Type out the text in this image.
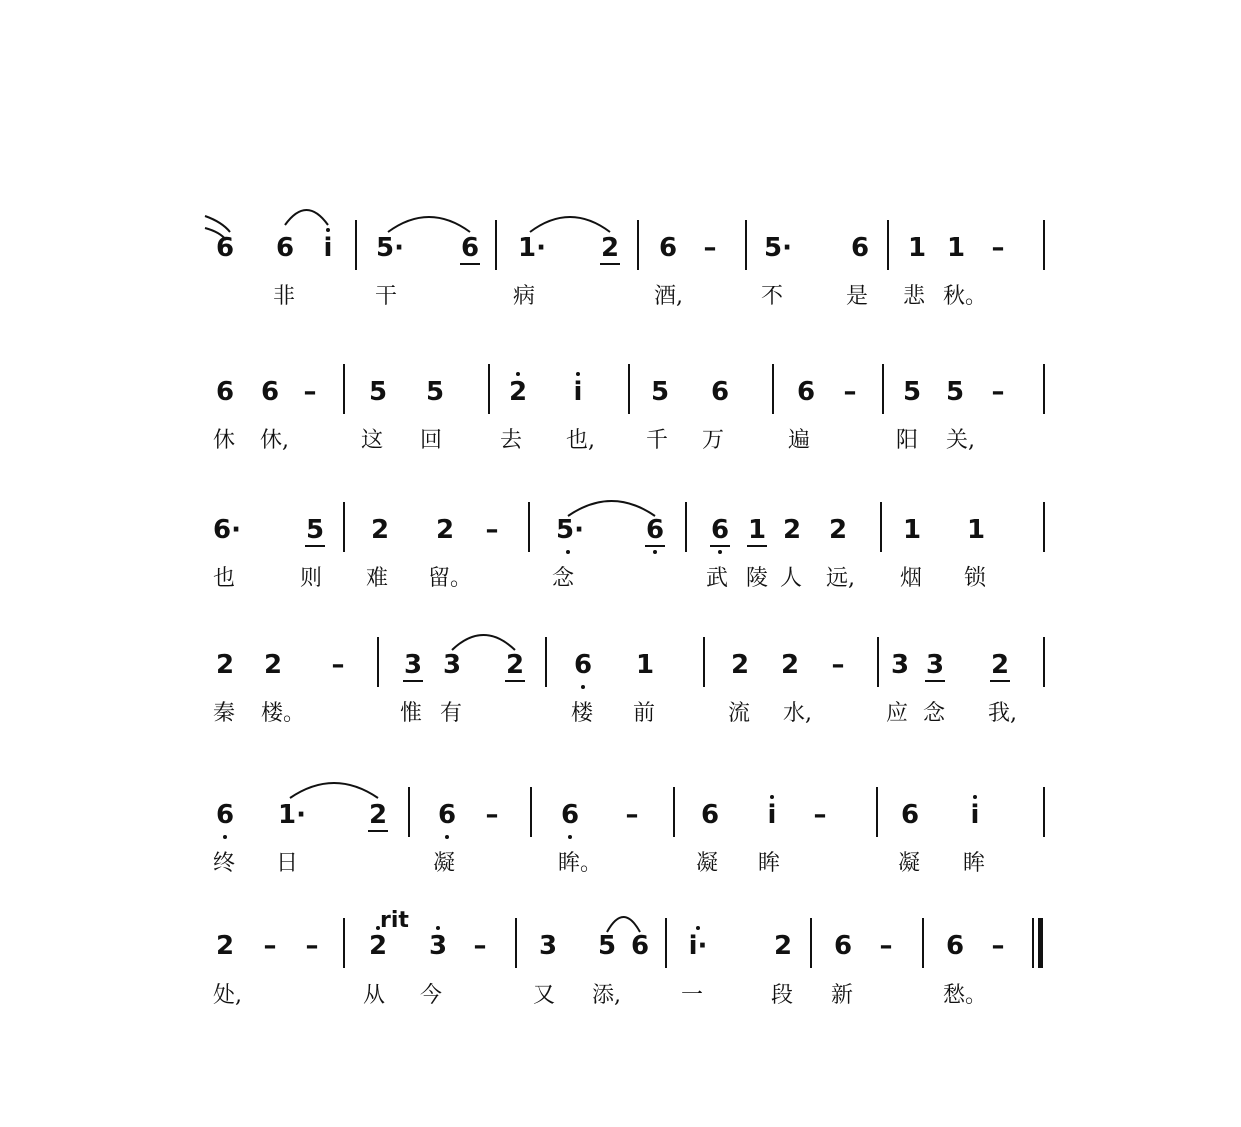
6 6 i 5· 6 1· 2 6 – 5· 6 1 1 –
非	干	病	酒,	不	是 悲 秋。
6 6 – 5 5 2 i	5 6	6 – 5 5 –
休 休,	这 回	去 也, 千 万	遍	阳 关,
6· 5 2 2 – 5· 6 6 1 2 2 1 1
也	则 难 留。	念	武 陵 人 远, 烟 锁
2 2 – 3 3 2 6 1	2 2 – 3 3 2
秦 楼。	惟 有	楼 前	流 水,	应 念 我,
6 1· 2 6 – 6 – 6 i –	6 i
终 日	凝	眸。	凝 眸	凝 眸
2 – – 2 3 – 3 5 6 i·	2 6 – 6 –
处,	从 今	又 添,	一	段 新	愁。
rit
